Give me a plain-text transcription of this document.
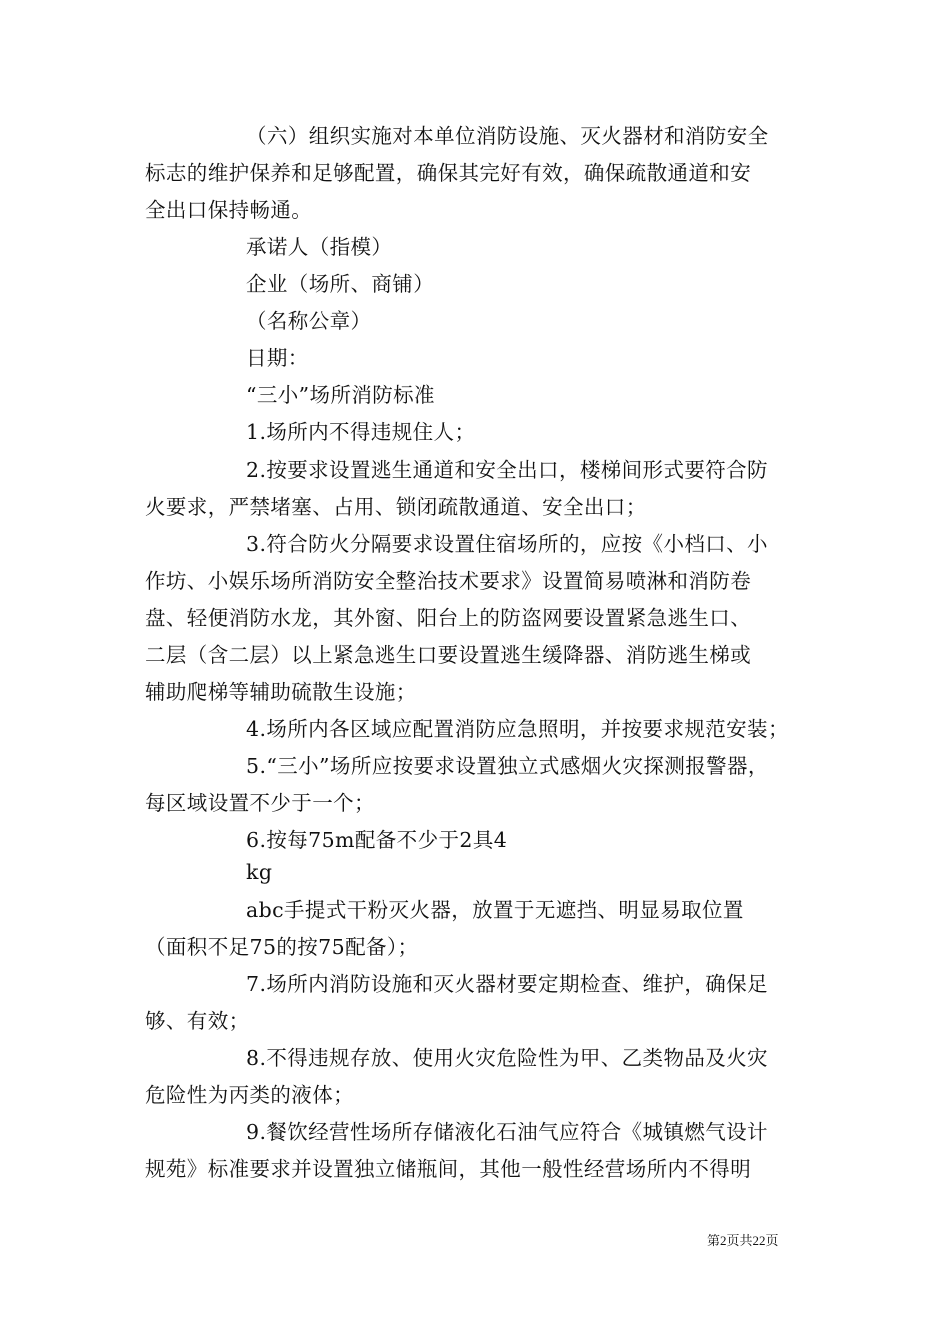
（六）组织实施对本单位消防设施、灭火器材和消防安全
标志的维护保养和足够配置，确保其完好有效，确保疏散通道和安
全出口保持畅通。
承诺人（指模）
企业（场所、商铺）
（名称公章）
日期：
“三小”场所消防标准
1.场所内不得违规住人；
2.按要求设置逃生通道和安全出口，楼梯间形式要符合防
火要求，严禁堵塞、占用、锁闭疏散通道、安全出口；
3.符合防火分隔要求设置住宿场所的，应按《小档口、小
作坊、小娱乐场所消防安全整治技术要求》设置简易喷淋和消防卷
盘、轻便消防水龙，其外窗、阳台上的防盗网要设置紧急逃生口、
二层（含二层）以上紧急逃生口要设置逃生缓降器、消防逃生梯或
辅助爬梯等辅助硫散生设施；
4.场所内各区域应配置消防应急照明，并按要求规范安装；
5.“三小”场所应按要求设置独立式感烟火灾探测报警器，
每区域设置不少于一个；
6.按每75m配备不少于2具4
kg
abc手提式干粉灭火器，放置于无遮挡、明显易取位置
（面积不足75的按75配备）；
7.场所内消防设施和灭火器材要定期检查、维护，确保足
够、有效；
8.不得违规存放、使用火灾危险性为甲、乙类物品及火灾
危险性为丙类的液体；
9.餐饮经营性场所存储液化石油气应符合《城镇燃气设计
规苑》标准要求并设置独立储瓶间，其他一般性经营场所内不得明
第2页共22页
